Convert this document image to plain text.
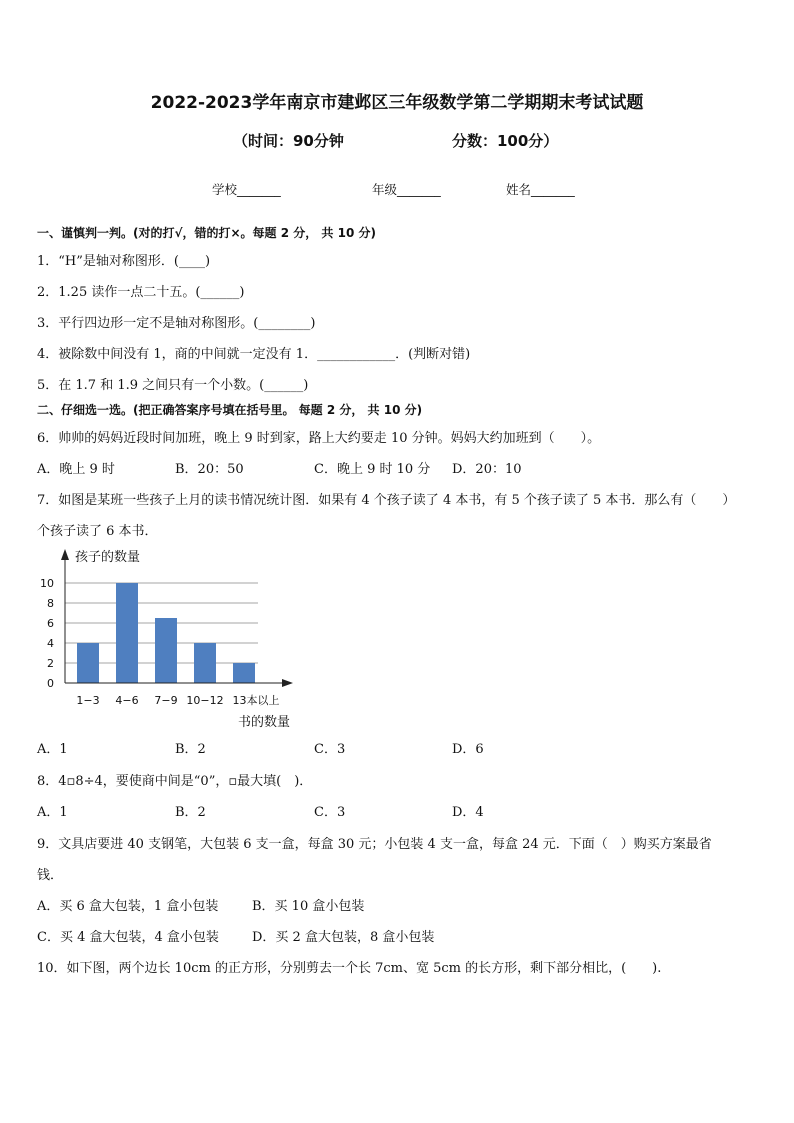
2022-2023学年南京市建邺区三年级数学第二学期期末考试试题
（时间：90分钟	分数：100分）
学校_______	年级_______	姓名_______
一、谨慎判一判。(对的打√，错的打×。每题 2 分， 共 10 分)
1．“H”是轴对称图形．(____)
2．1.25 读作一点二十五。(______)
3．平行四边形一定不是轴对称图形。(________)
4．被除数中间没有 1，商的中间就一定没有 1．____________．(判断对错)
5．在 1.7 和 1.9 之间只有一个小数。(______)
二、仔细选一选。(把正确答案序号填在括号里。 每题 2 分， 共 10 分)
6．帅帅的妈妈近段时间加班，晚上 9 时到家，路上大约要走 10 分钟。妈妈大约加班到（　　）。
A．晚上 9 时	B．20：50	C．晚上 9 时 10 分 D．20：10
7．如图是某班一些孩子上月的读书情况统计图．如果有 4 个孩子读了 4 本书，有 5 个孩子读了 5 本书．那么有（　　）
个孩子读了 6 本书．
孩子的数量
书的数量
0
2
4
6
8
10
1−3 4−6 7−9 10−12 13本以上
A．1	B．2	C．3	D．6
8．4▫8÷4，要使商中间是“0”，▫最大填(　)．
A．1	B．2	C．3	D．4
9．文具店要进 40 支钢笔，大包装 6 支一盒，每盒 30 元；小包装 4 支一盒，每盒 24 元．下面（　）购买方案最省
钱．
A．买 6 盒大包装，1 盒小包装	B．买 10 盒小包装
C．买 4 盒大包装，4 盒小包装	D．买 2 盒大包装，8 盒小包装
10．如下图，两个边长 10cm 的正方形，分别剪去一个长 7cm、宽 5cm 的长方形，剩下部分相比，(　　).
